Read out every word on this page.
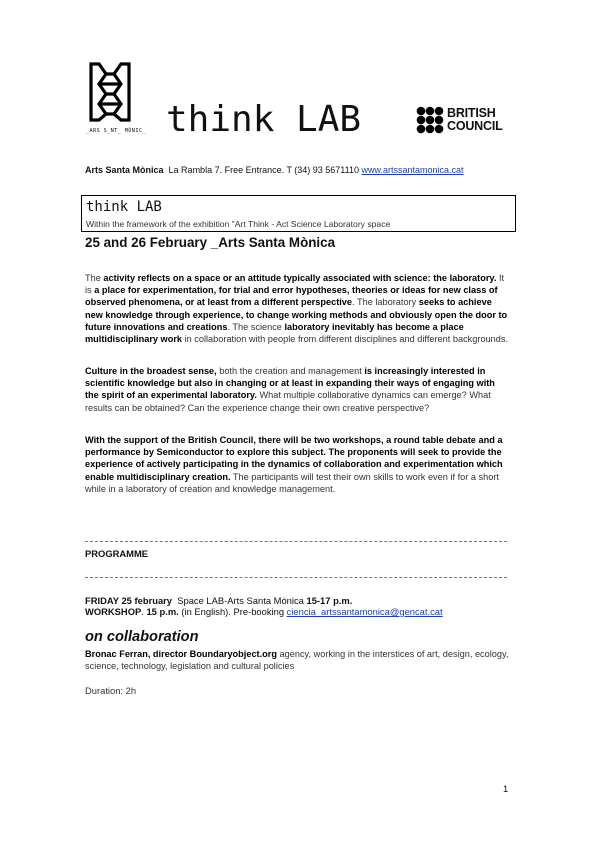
_ARS S_NT_ MÒNIC_ think LAB	BRITISH
COUNCIL
Arts Santa Mònica La Rambla 7. Free Entrance. T (34) 93 5671110 www.artssantamonica.cat
think LAB
Within the framework of the exhibition "Art Think - Act Science Laboratory space
25 and 26 February _Arts Santa Mònica
The activity reflects on a space or an attitude typically associated with science: the laboratory. It is a place for experimentation, for trial and error hypotheses, theories or ideas for new class of observed phenomena, or at least from a different perspective. The laboratory seeks to achieve new knowledge through experience, to change working methods and obviously open the door to future innovations and creations. The science laboratory inevitably has become a place multidisciplinary work in collaboration with people from different disciplines and different backgrounds.
Culture in the broadest sense, both the creation and management is increasingly interested in scientific knowledge but also in changing or at least in expanding their ways of engaging with the spirit of an experimental laboratory. What multiple collaborative dynamics can emerge? What results can be obtained? Can the experience change their own creative perspective?
With the support of the British Council, there will be two workshops, a round table debate and a performance by Semiconductor to explore this subject. The proponents will seek to provide the experience of actively participating in the dynamics of collaboration and experimentation which enable multidisciplinary creation. The participants will test their own skills to work even if for a short while in a laboratory of creation and knowledge management.
PROGRAMME
FRIDAY 25 february Space LAB-Arts Santa Mònica 15-17 p.m.
WORKSHOP. 15 p.m. (in English). Pre-booking ciencia_artssantamonica@gencat.cat
on collaboration
Bronac Ferran, director Boundaryobject.org agency, working in the interstices of art, design, ecology, science, technology, legislation and cultural policies
Duration: 2h
1
